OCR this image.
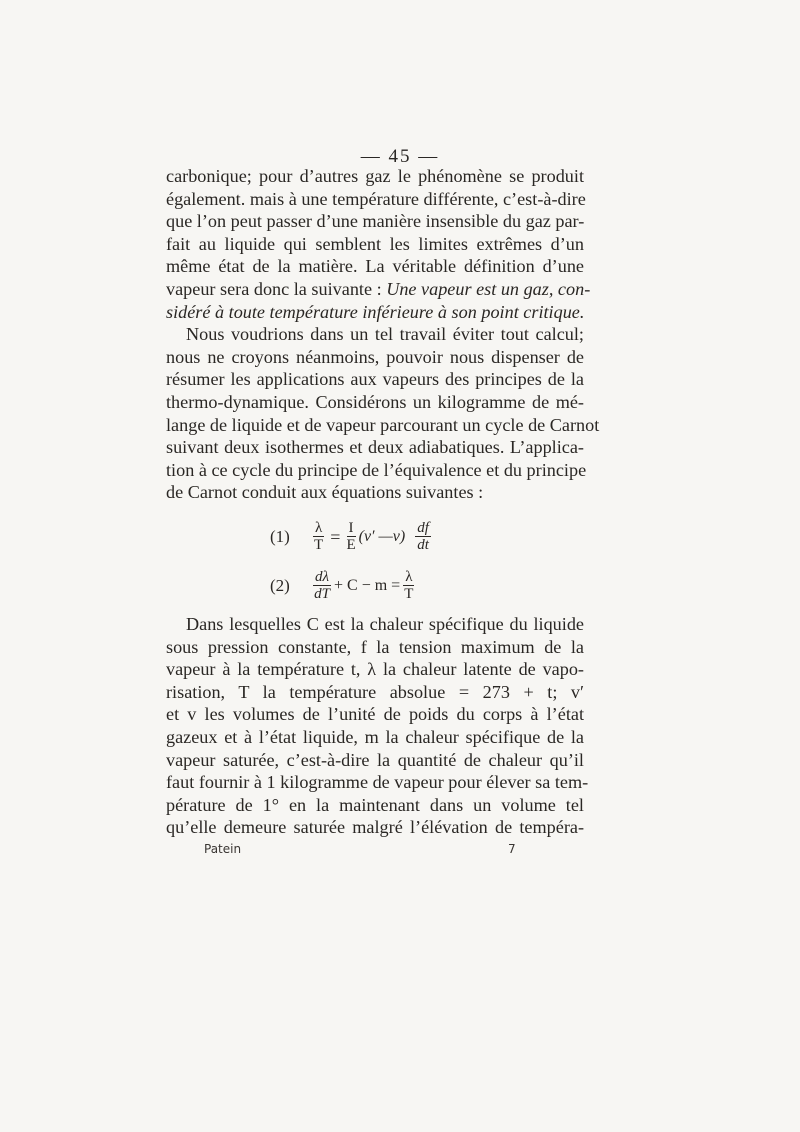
— 45 —
carbonique; pour d’autres gaz le phénomène se produit
également. mais à une température différente, c’est-à-dire
que l’on peut passer d’une manière insensible du gaz par-
fait au liquide qui semblent les limites extrêmes d’un
même état de la matière. La véritable définition d’une
vapeur sera donc la suivante : Une vapeur est un gaz, con-
sidéré à toute température inférieure à son point critique.
Nous voudrions dans un tel travail éviter tout calcul;
nous ne croyons néanmoins, pouvoir nous dispenser de
résumer les applications aux vapeurs des principes de la
thermo-dynamique. Considérons un kilogramme de mé-
lange de liquide et de vapeur parcourant un cycle de Carnot
suivant deux isothermes et deux adiabatiques. L’applica-
tion à ce cycle du principe de l’équivalence et du principe
de Carnot conduit aux équations suivantes :
(1)	$\frac{\lambda}{T} = \frac{I}{E} (v'$ —v) $\frac{df}{dt}$
(2)	$\frac{d\lambda}{dT} + C - m = \frac{\lambda}{T}$
Dans lesquelles C est la chaleur spécifique du liquide
sous pression constante, f la tension maximum de la
vapeur à la température t, λ la chaleur latente de vapo-
risation, T la température absolue = 273 + t; v′
et v les volumes de l’unité de poids du corps à l’état
gazeux et à l’état liquide, m la chaleur spécifique de la
vapeur saturée, c’est-à-dire la quantité de chaleur qu’il
faut fournir à 1 kilogramme de vapeur pour élever sa tem-
pérature de 1° en la maintenant dans un volume tel
qu’elle demeure saturée malgré l’élévation de tempéra-
Patein	7
